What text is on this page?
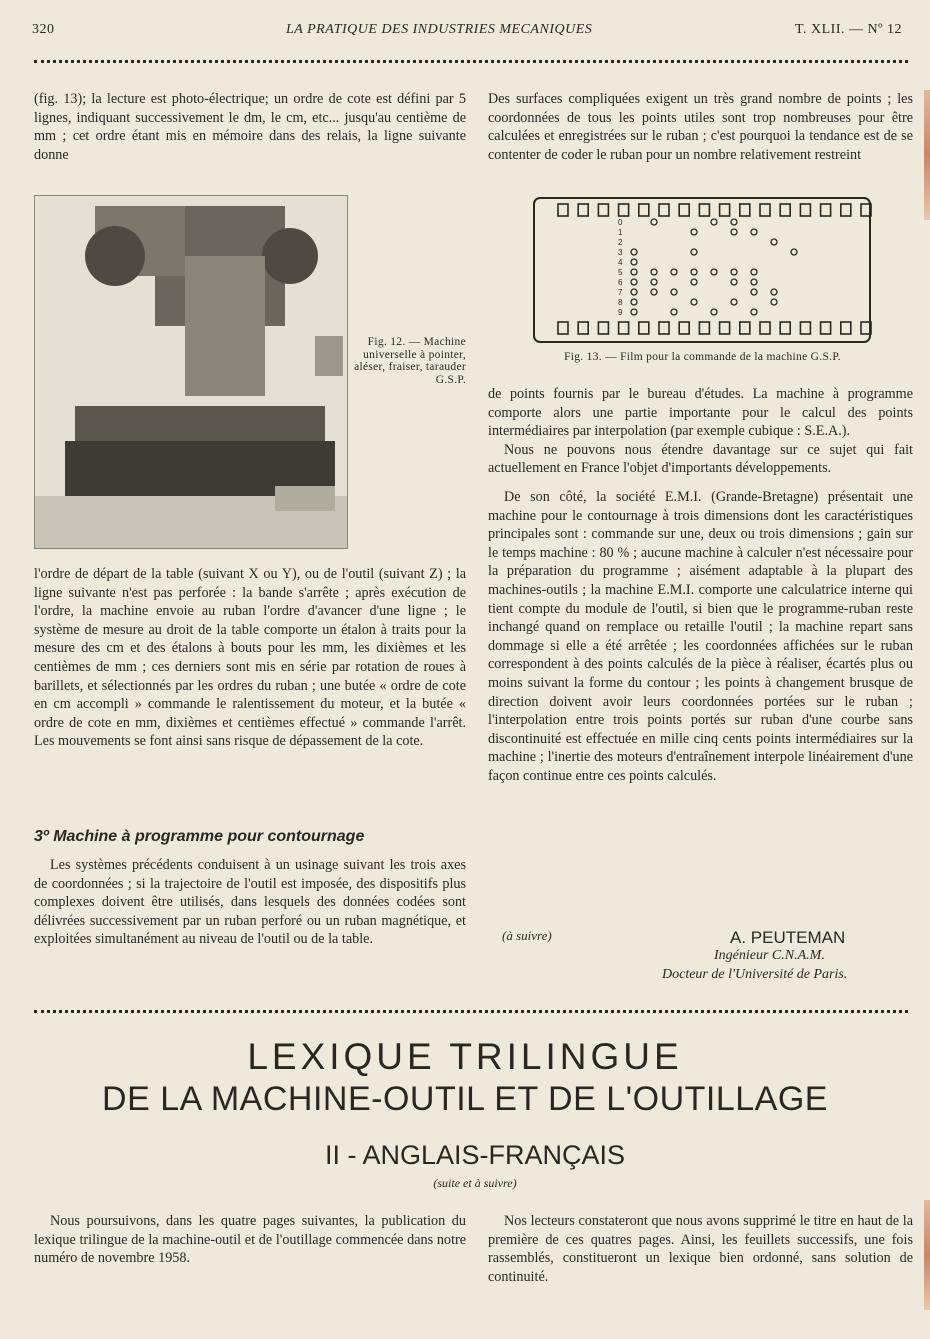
320	LA PRATIQUE DES INDUSTRIES MECANIQUES	T. XLII. — Nº 12

(fig. 13); la lecture est photo-électrique; un ordre de cote est défini par 5 lignes, indiquant successivement le dm, le cm, etc... jusqu'au centième de mm ; cet ordre étant mis en mémoire dans des relais, la ligne suivante donne

Fig. 12. — Machine universelle à pointer, aléser, fraiser, tarauder G.S.P.

l'ordre de départ de la table (suivant X ou Y), ou de l'outil (suivant Z) ; la ligne suivante n'est pas perforée : la bande s'arrête ; après exécution de l'ordre, la machine envoie au ruban l'ordre d'avancer d'une ligne ; le système de mesure au droit de la table comporte un étalon à traits pour la mesure des cm et des étalons à bouts pour les mm, les dixièmes et les centièmes de mm ; ces derniers sont mis en série par rotation de roues à barillets, et sélectionnés par les ordres du ruban ; une butée « ordre de cote en cm accompli » commande le ralentissement du moteur, et la butée « ordre de cote en mm, dixièmes et centièmes effectué » commande l'arrêt. Les mouvements se font ainsi sans risque de dépassement de la cote.

3º Machine à programme pour contournage

Les systèmes précédents conduisent à un usinage suivant les trois axes de coordonnées ; si la trajectoire de l'outil est imposée, des dispositifs plus complexes doivent être utilisés, dans lesquels des données codées sont délivrées successivement par un ruban perforé ou un ruban magnétique, et exploitées simultanément au niveau de l'outil ou de la table.

Des surfaces compliquées exigent un très grand nombre de points ; les coordonnées de tous les points utiles sont trop nombreuses pour être calculées et enregistrées sur le ruban ; c'est pourquoi la tendance est de se contenter de coder le ruban pour un nombre relativement restreint

0
1
2
3
4
5
6
7
8
9
Fig. 13. — Film pour la commande de la machine G.S.P.

de points fournis par le bureau d'études. La machine à programme comporte alors une partie importante pour le calcul des points intermédiaires par interpolation (par exemple cubique : S.E.A.).

Nous ne pouvons nous étendre davantage sur ce sujet qui fait actuellement en France l'objet d'importants développements.

De son côté, la société E.M.I. (Grande-Bretagne) présentait une machine pour le contournage à trois dimensions dont les caractéristiques principales sont : commande sur une, deux ou trois dimensions ; gain sur le temps machine : 80 % ; aucune machine à calculer n'est nécessaire pour la préparation du programme ; aisément adaptable à la plupart des machines-outils ; la machine E.M.I. comporte une calculatrice interne qui tient compte du module de l'outil, si bien que le programme-ruban reste inchangé quand on remplace ou retaille l'outil ; la machine repart sans dommage si elle a été arrêtée ; les coordonnées affichées sur le ruban correspondent à des points calculés de la pièce à réaliser, écartés plus ou moins suivant la forme du contour ; les points à changement brusque de direction doivent avoir leurs coordonnées portées sur le ruban ; l'interpolation entre trois points portés sur ruban d'une courbe sans discontinuité est effectuée en mille cinq cents points intermédiaires sur la machine ; l'inertie des moteurs d'entraînement interpole linéairement d'une façon continue entre ces points calculés.

(à suivre)	A. PEUTEMAN
Ingénieur C.N.A.M.
Docteur de l'Université de Paris.
LEXIQUE TRILINGUE
DE LA MACHINE-OUTIL ET DE L'OUTILLAGE
II - ANGLAIS-FRANÇAIS
(suite et à suivre)

Nous poursuivons, dans les quatre pages suivantes, la publication du lexique trilingue de la machine-outil et de l'outillage commencée dans notre numéro de novembre 1958.

Nos lecteurs constateront que nous avons supprimé le titre en haut de la première de ces quatres pages. Ainsi, les feuillets successifs, une fois rassemblés, constitueront un lexique bien ordonné, sans solution de continuité.
